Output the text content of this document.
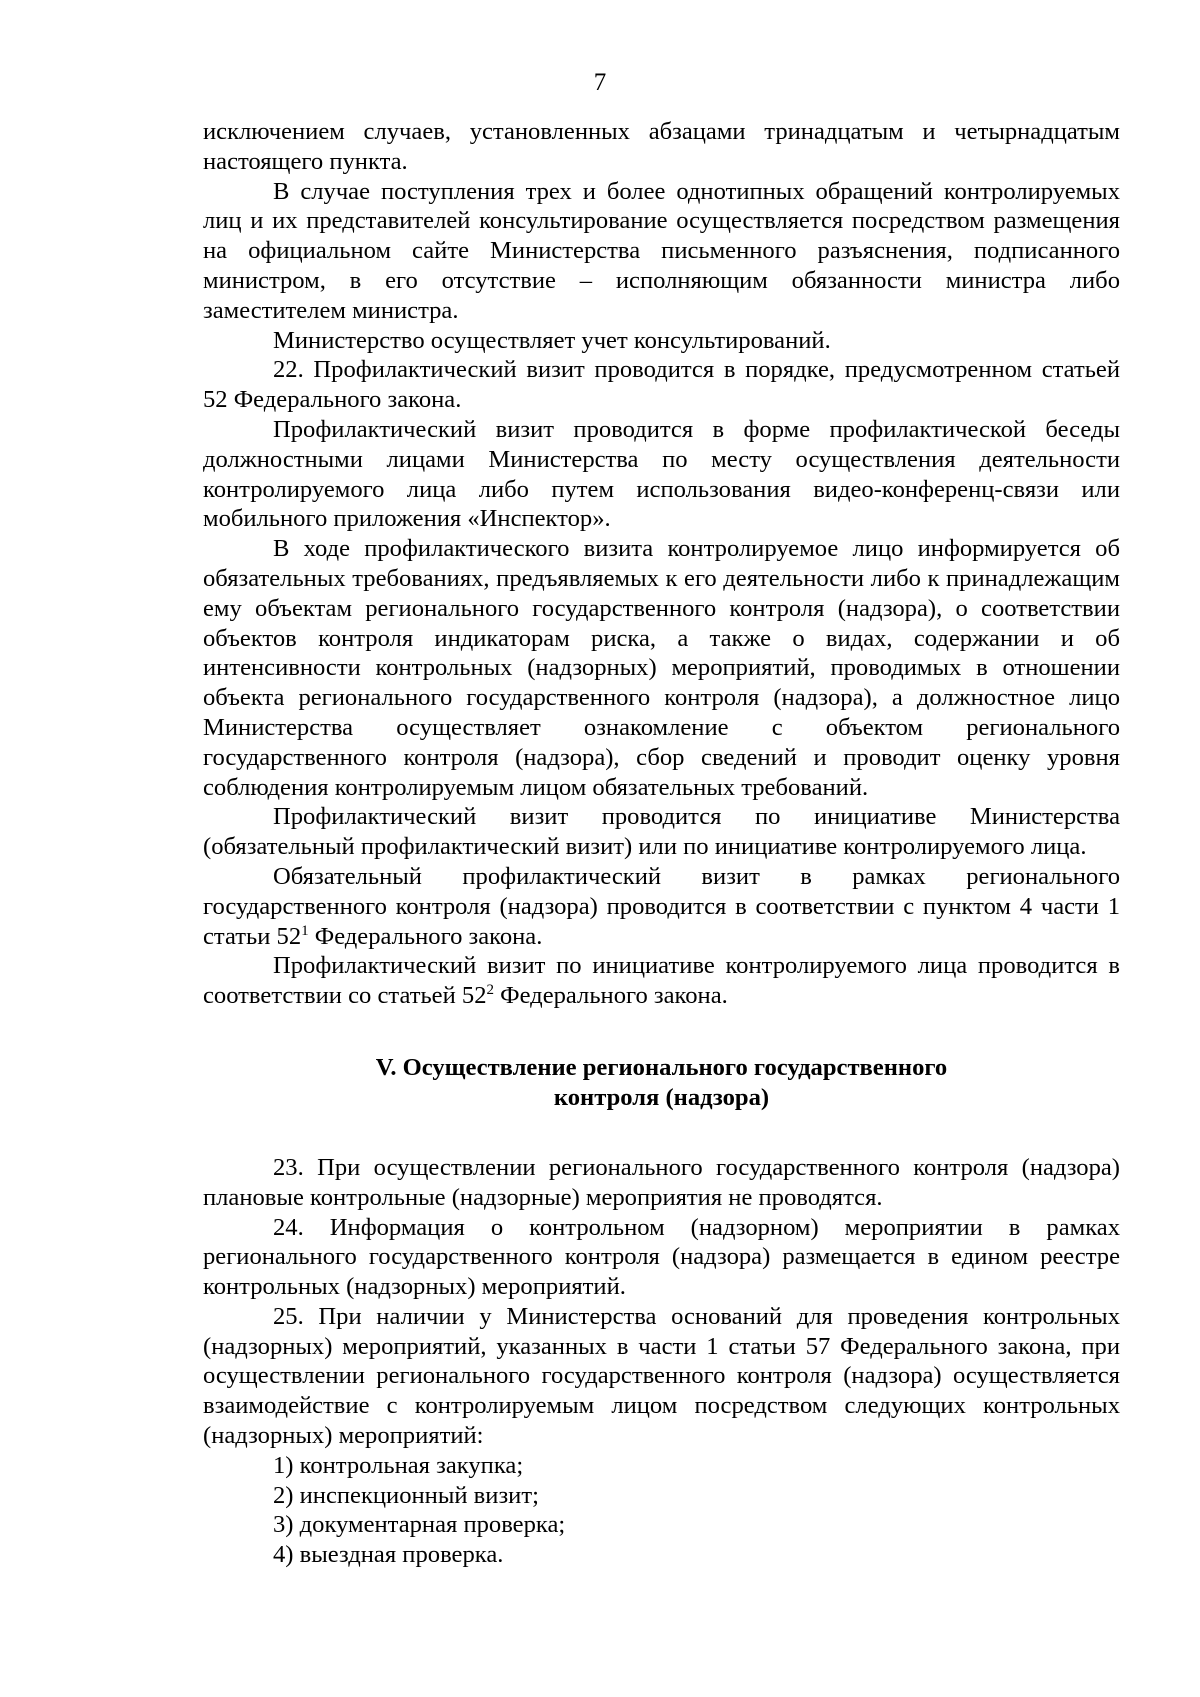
7

исключением случаев, установленных абзацами тринадцатым и четырнадцатым настоящего пункта.

В случае поступления трех и более однотипных обращений контролируемых лиц и их представителей консультирование осуществляется посредством размещения на официальном сайте Министерства письменного разъяснения, подписанного министром, в его отсутствие – исполняющим обязанности министра либо заместителем министра.

Министерство осуществляет учет консультирований.

22. Профилактический визит проводится в порядке, предусмотренном статьей 52 Федерального закона.

Профилактический визит проводится в форме профилактической беседы должностными лицами Министерства по месту осуществления деятельности контролируемого лица либо путем использования видео-конференц-связи или мобильного приложения «Инспектор».

В ходе профилактического визита контролируемое лицо информируется об обязательных требованиях, предъявляемых к его деятельности либо к принадлежащим ему объектам регионального государственного контроля (надзора), о соответствии объектов контроля индикаторам риска, а также о видах, содержании и об интенсивности контрольных (надзорных) мероприятий, проводимых в отношении объекта регионального государственного контроля (надзора), а должностное лицо Министерства осуществляет ознакомление с объектом регионального государственного контроля (надзора), сбор сведений и проводит оценку уровня соблюдения контролируемым лицом обязательных требований.

Профилактический визит проводится по инициативе Министерства (обязательный профилактический визит) или по инициативе контролируемого лица.

Обязательный профилактический визит в рамках регионального государственного контроля (надзора) проводится в соответствии с пунктом 4 части 1 статьи $52^1$ Федерального закона.

Профилактический визит по инициативе контролируемого лица проводится в соответствии со статьей $52^2$ Федерального закона.

V. Осуществление регионального государственного
контроля (надзора)

23. При осуществлении регионального государственного контроля (надзора) плановые контрольные (надзорные) мероприятия не проводятся.

24. Информация о контрольном (надзорном) мероприятии в рамках регионального государственного контроля (надзора) размещается в едином реестре контрольных (надзорных) мероприятий.

25. При наличии у Министерства оснований для проведения контрольных (надзорных) мероприятий, указанных в части 1 статьи 57 Федерального закона, при осуществлении регионального государственного контроля (надзора) осуществляется взаимодействие с контролируемым лицом посредством следующих контрольных (надзорных) мероприятий:

1) контрольная закупка;

2) инспекционный визит;

3) документарная проверка;

4) выездная проверка.
